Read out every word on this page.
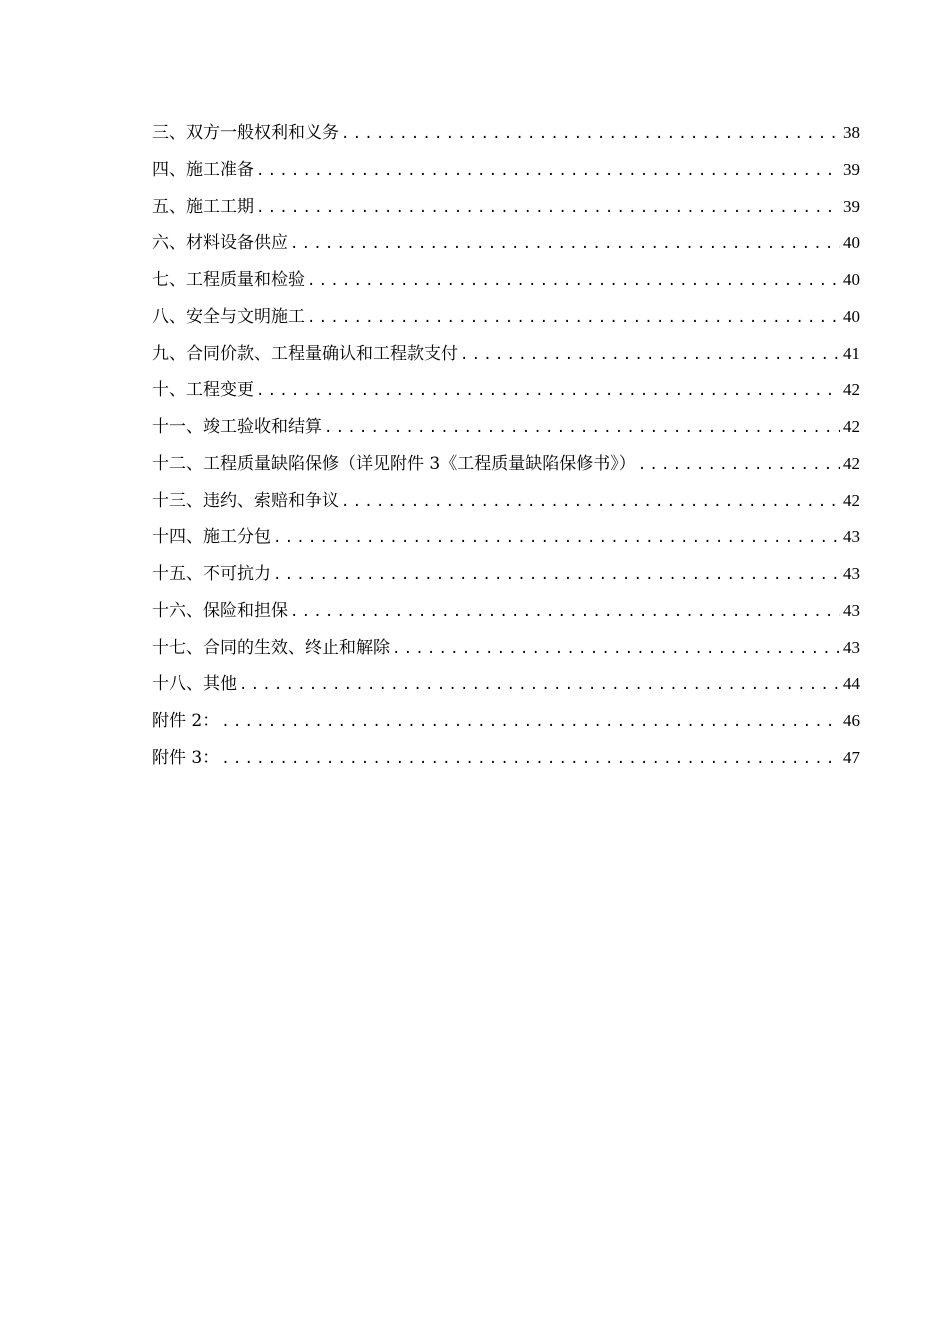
三、双方一般权利和义务 .....	38
四、施工准备 .....	39
五、施工工期 .....	39
六、材料设备供应 .....	40
七、工程质量和检验 .....	40
八、安全与文明施工 .....	40
九、合同价款、工程量确认和工程款支付 .....	41
十、工程变更 .....	42
十一、竣工验收和结算 .....	42
十二、工程质量缺陷保修（详见附件 3《工程质量缺陷保修书》） .....	42
十三、违约、索赔和争议 .....	42
十四、施工分包 .....	43
十五、不可抗力 .....	43
十六、保险和担保 .....	43
十七、合同的生效、终止和解除 .....	43
十八、其他 .....	44
附件 2： .....	46
附件 3： .....	47
